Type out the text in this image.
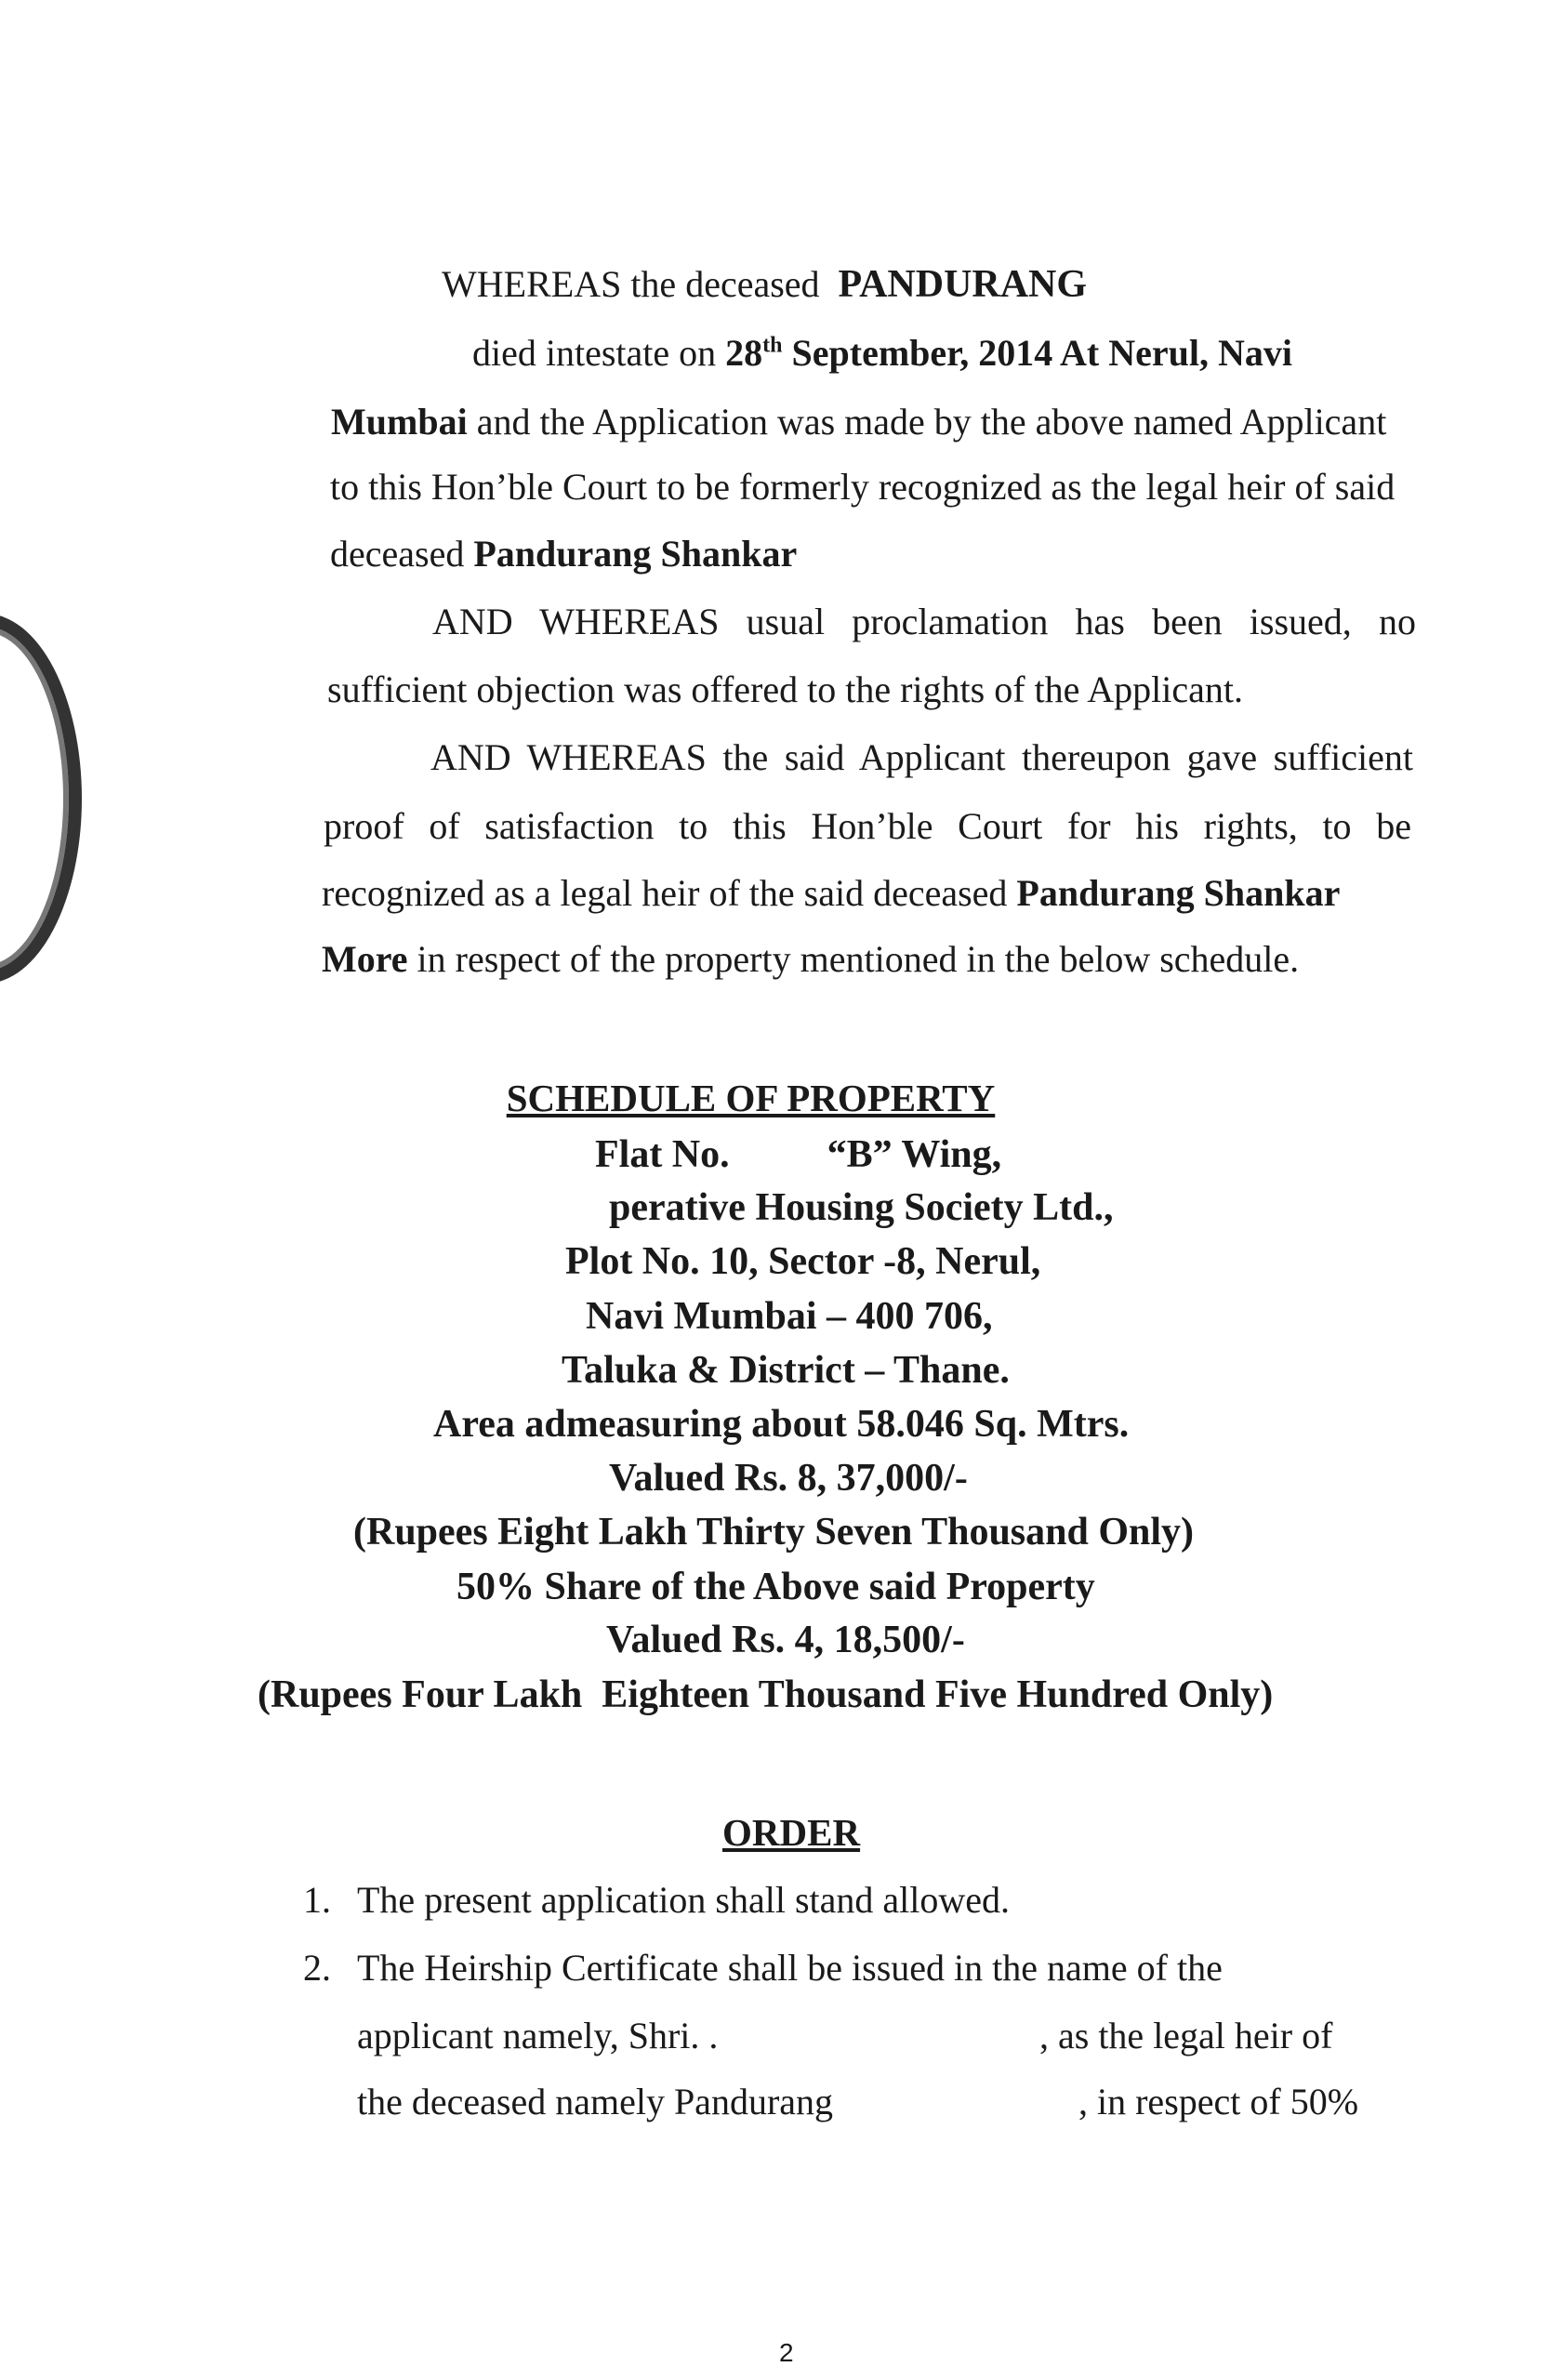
WHEREAS the deceased PANDURANG
died intestate on 28th September, 2014 At Nerul, Navi
Mumbai and the Application was made by the above named Applicant
to this Hon’ble Court to be formerly recognized as the legal heir of said
deceased Pandurang Shankar
AND WHEREAS usual proclamation has been issued, no
sufficient objection was offered to the rights of the Applicant.
AND WHEREAS the said Applicant thereupon gave sufficient
proof of satisfaction to this Hon’ble Court for his rights, to be
recognized as a legal heir of the said deceased Pandurang Shankar
More in respect of the property mentioned in the below schedule.
SCHEDULE OF PROPERTY
Flat No.          “B” Wing,
perative Housing Society Ltd.,
Plot No. 10, Sector -8, Nerul,
Navi Mumbai – 400 706,
Taluka & District – Thane.
Area admeasuring about 58.046 Sq. Mtrs.
Valued Rs. 8, 37,000/-
(Rupees Eight Lakh Thirty Seven Thousand Only)
50% Share of the Above said Property
Valued Rs. 4, 18,500/-
(Rupees Four Lakh  Eighteen Thousand Five Hundred Only)
ORDER
1. The present application shall stand allowed.
2. The Heirship Certificate shall be issued in the name of the
applicant namely, Shri. .	, as the legal heir of
the deceased namely Pandurang	, in respect of 50%
2
